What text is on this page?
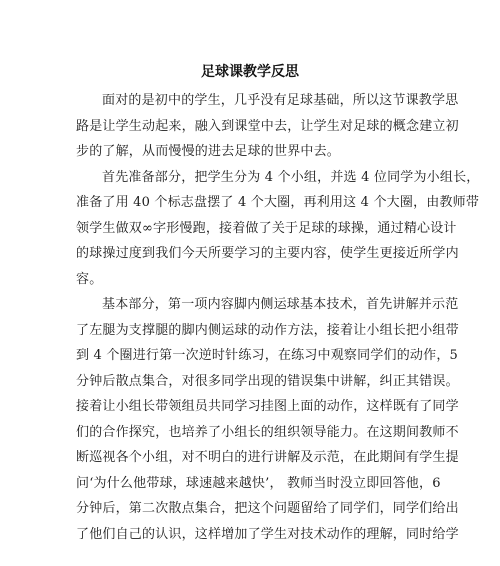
足球课教学反思
面对的是初中的学生，几乎没有足球基础，所以这节课教学思
路是让学生动起来，融入到课堂中去，让学生对足球的概念建立初
步的了解，从而慢慢的进去足球的世界中去。
首先准备部分，把学生分为 4 个小组，并选 4 位同学为小组长，
准备了用 40 个标志盘摆了 4 个大圈，再利用这 4 个大圈，由教师带
领学生做双∞字形慢跑，接着做了关于足球的球操，通过精心设计
的球操过度到我们今天所要学习的主要内容，使学生更接近所学内
容。
基本部分，第一项内容脚内侧运球基本技术，首先讲解并示范
了左腿为支撑腿的脚内侧运球的动作方法，接着让小组长把小组带
到 4 个圈进行第一次逆时针练习，在练习中观察同学们的动作，5
分钟后散点集合，对很多同学出现的错误集中讲解，纠正其错误。
接着让小组长带领组员共同学习挂图上面的动作，这样既有了同学
们的合作探究，也培养了小组长的组织领导能力。在这期间教师不
断巡视各个小组，对不明白的进行讲解及示范，在此期间有学生提
问‘为什么他带球，球速越来越快’， 教师当时没立即回答他，6
分钟后，第二次散点集合，把这个问题留给了同学们，同学们给出
了他们自己的认识，这样增加了学生对技术动作的理解，同时给学
